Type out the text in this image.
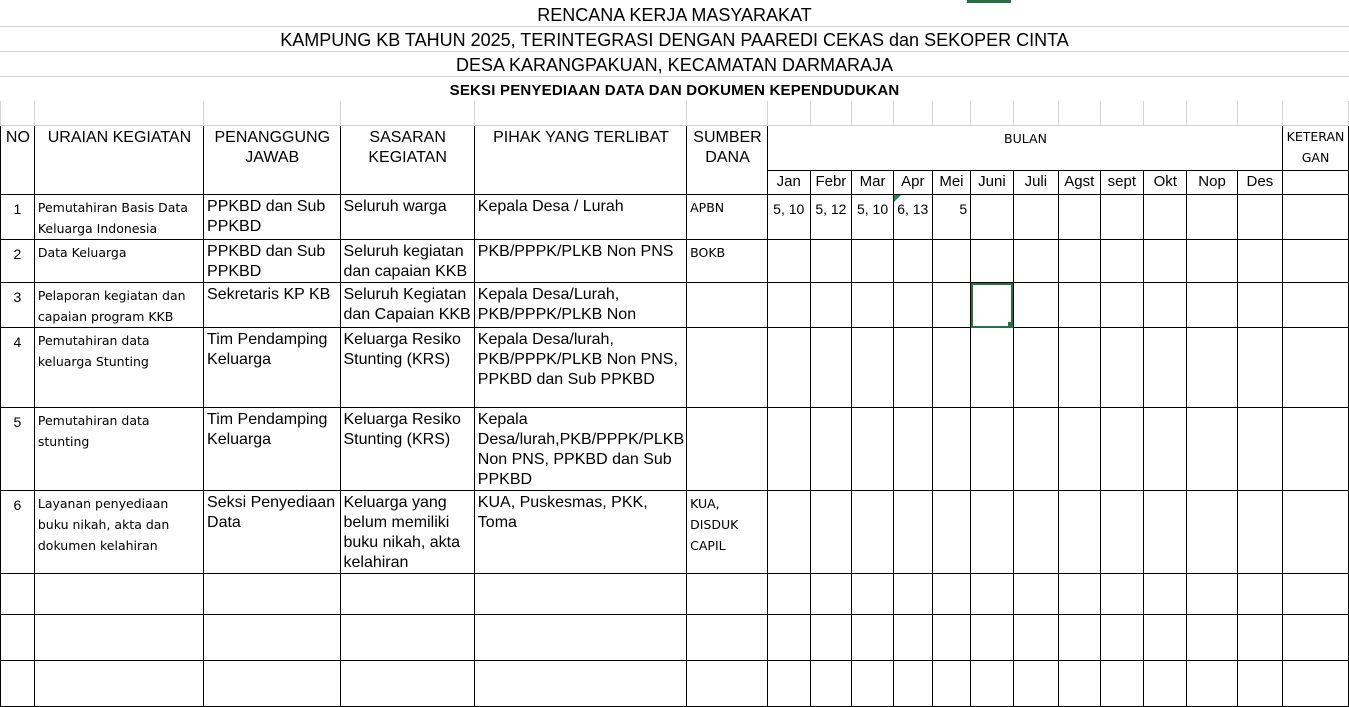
RENCANA KERJA MASYARAKAT
KAMPUNG KB TAHUN 2025, TERINTEGRASI DENGAN PAAREDI CEKAS dan SEKOPER CINTA
DESA KARANGPAKUAN, KECAMATAN DARMARAJA
SEKSI PENYEDIAAN DATA DAN DOKUMEN KEPENDUDUKAN

NO	URAIAN KEGIATAN	PENANGGUNG JAWAB	SASARAN KEGIATAN	PIHAK YANG TERLIBAT	SUMBER DANA	BULAN												KETERAN GAN

						Jan	Febr	Mar	Apr	Mei	Juni	Juli	Agst	sept	Okt	Nop	Des	
1	Pemutahiran Basis Data Keluarga Indonesia	PPKBD dan Sub PPKBD	Seluruh warga	Kepala Desa / Lurah	APBN	5, 10	5, 12	5, 10	6, 13	5								
2	Data Keluarga	PPKBD dan Sub PPKBD	Seluruh kegiatan dan capaian KKB	PKB/PPPK/PLKB Non PNS	BOKB													

3	Pelaporan kegiatan dan capaian program KKB	Sekretaris KP KB	Seluruh Kegiatan dan Capaian KKB	Kepala Desa/Lurah, PKB/PPPK/PLKB Non														

4	Pemutahiran data keluarga Stunting	Tim Pendamping Keluarga	Keluarga Resiko Stunting (KRS)	Kepala Desa/lurah, PKB/PPPK/PLKB Non PNS, PPKBD dan Sub PPKBD														

5	Pemutahiran data stunting	Tim Pendamping Keluarga	Keluarga Resiko Stunting (KRS)	Kepala Desa/lurah,PKB/PPPK/PLKB Non PNS, PPKBD dan Sub PPKBD														

6	Layanan penyediaan buku nikah, akta dan dokumen kelahiran	Seksi Penyediaan Data	Keluarga yang belum memiliki buku nikah, akta kelahiran	KUA, Puskesmas, PKK, Toma	KUA, DISDUK CAPIL													
